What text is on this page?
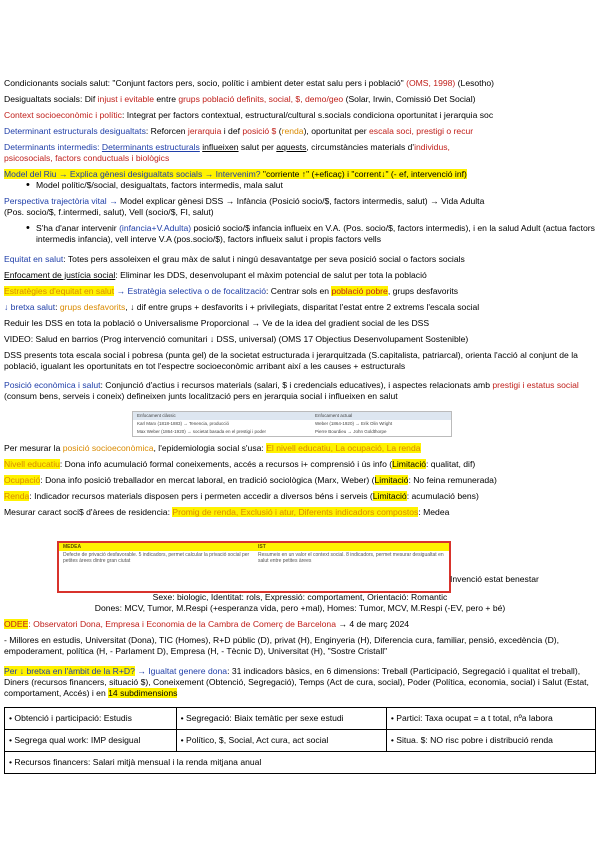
Condicionants socials salut: "Conjunt factors pers, socio, polític i ambient deter estat salu pers i població" (OMS, 1998) (Lesotho)

Desigualtats socials: Dif injust i evitable entre grups població definits, social, $, demo/geo (Solar, Irwin, Comissió Det Social)

Context socioeconòmic i polític: Integrat per factors contextual, estructural/cultural s.socials condiciona oportunitat i jerarquia soc

Determinant estructurals desigualtats: Reforcen jerarquia i def posició $ (renda), oportunitat per escala soci, prestigi o recur

Determinants intermedis: Determinants estructurals influeixen salut per aquests, circumstàncies materials d'individus,

psicosocials, factors conductuals i biològics

Model del Riu → Explica gènesi desigualtats socials → Intervenim? "corriente ↑" (+eficaç) i "corrent↓" (- ef, intervenció inf)

• Model polític/$/social, desigualtats, factors intermedis, mala salut

Perspectiva trajectòria vital → Model explicar gènesi DSS → Infància (Posició socio/$, factors intermedis, salut) → Vida Adulta

(Pos. socio/$, f.intermedi, salut), Vell (socio/$, FI, salut)

• S'ha d'anar intervenir (infancia+V.Adulta) posició socio/$ infancia influeix en V.A. (Pos. socio/$, factors intermedis), i en la salud Adult (actua factors intermedis infancia), vell interve V.A (pos.socio/$), factors influeix salut i propis factors vells

Equitat en salut: Totes pers assoleixen el grau màx de salut i ningú desavantatge per seva posició social o factors socials

Enfocament de justícia social: Eliminar les DDS, desenvolupant el màxim potencial de salut per tota la població

Estratègies d'equitat en salut → Estratègia selectiva o de focalització: Centrar sols en població pobre, grups desfavorits

↓ bretxa salut: grups desfavorits, ↓ dif entre grups + desfavorits i + privilegiats, disparitat l'estat entre 2 extrems l'escala social

Reduir les DSS en tota la població o Universalisme Proporcional → Ve de la idea del gradient social de les DSS

VIDEO: Salud en barrios (Prog intervenció comunitari ↓ DSS, universal) (OMS 17 Objectius Desenvolupament Sostenible)

DSS presents tota escala social i pobresa (punta gel) de la societat estructurada i jerarquitzada (S.capitalista, patriarcal), orienta l'acció al conjunt de la població, igualant les oportunitats en tot l'espectre socioeconòmic arribant així a les causes + estructurals

Posició econòmica i salut: Conjunció d'actius i recursos materials (salari, $ i credencials educatives), i aspectes relacionats amb prestigi i estatus social (consum bens, serveis i coneix) defineixen junts localització pers en jerarquia social i influeixen en salut

Enfocament clàssic	Enfocament actual
Karl Marx (1818-1883) → Tenencia, producció	Weber (1864-1920) → Erik Olin Wright
Max Weber (1864-1920) → societat basada en el prestigi i poder	Pierre Bourdieu → John Goldthorpe

Per mesurar la posició socioeconòmica, l'epidemiologia social s'usa: El nivell educatiu, La ocupació, La renda

Nivell educatiu: Dona info acumulació formal coneixements, accés a recursos i+ comprensió i ús info (Limitació: qualitat, dif)

Ocupació: Dona info posició treballador en mercat laboral, en tradició sociològica (Marx, Weber) (Limitació: No feina remunerada)

Renda: Indicador recursos materials disposen pers i permeten accedir a diversos béns i serveis (Limitació: acumulació bens)

Mesurar caract soci$ d'àrees de residencia: Promig de renda, Exclusió i atur, Diferents indicadors compostos: Medea

MEDEA	IST
Defecte de privació desfavorable. 5 indicadors, permet calcular la privació social per petites àrees dintre gran ciutat
Resumeix en un valor el context social. 8 indicadors, permet mesurar desigualtat en salut entre petites àrees
Invenció estat benestar

Sexe: biologic, Identitat: rols, Expressió: comportament, Orientació: Romantic

Dones: MCV, Tumor, M.Respi (+esperanza vida, pero +mal), Homes: Tumor, MCV, M.Respi (-EV, pero + bé)

ODEE: Observatori Dona, Empresa i Economia de la Cambra de Comerç de Barcelona → 4 de març 2024

- Millores en estudis, Universitat (Dona), TIC (Homes), R+D públic (D), privat (H), Enginyeria (H), Diferencia cura, familiar, pensió, excedència (D), empoderament, política (H, - Parlament D), Empresa (H, - Tècnic D), Universitat (H), "Sostre Cristall"

Per ↓ bretxa en l'àmbit de la R+D? → Igualtat genere dona: 31 indicadors bàsics, en 6 dimensions: Treball (Participació, Segregació i qualitat el treball), Diners (recursos financers, situació $), Coneixement (Obtenció, Segregació), Temps (Act de cura, social), Poder (Política, economia, social) i Salut (Estat, comportament, Accés) i en 14 subdimensions

• Obtenció i participació: Estudis	• Segregació: Biaix temàtic per sexe estudi	• Partici: Taxa ocupat = a t total, nºa labora
• Segrega qual work: IMP desigual	• Político, $, Social, Act cura, act social	• Situa. $: NO risc pobre i distribució renda
• Recursos financers: Salari mitjà mensual i la renda mitjana anual		
